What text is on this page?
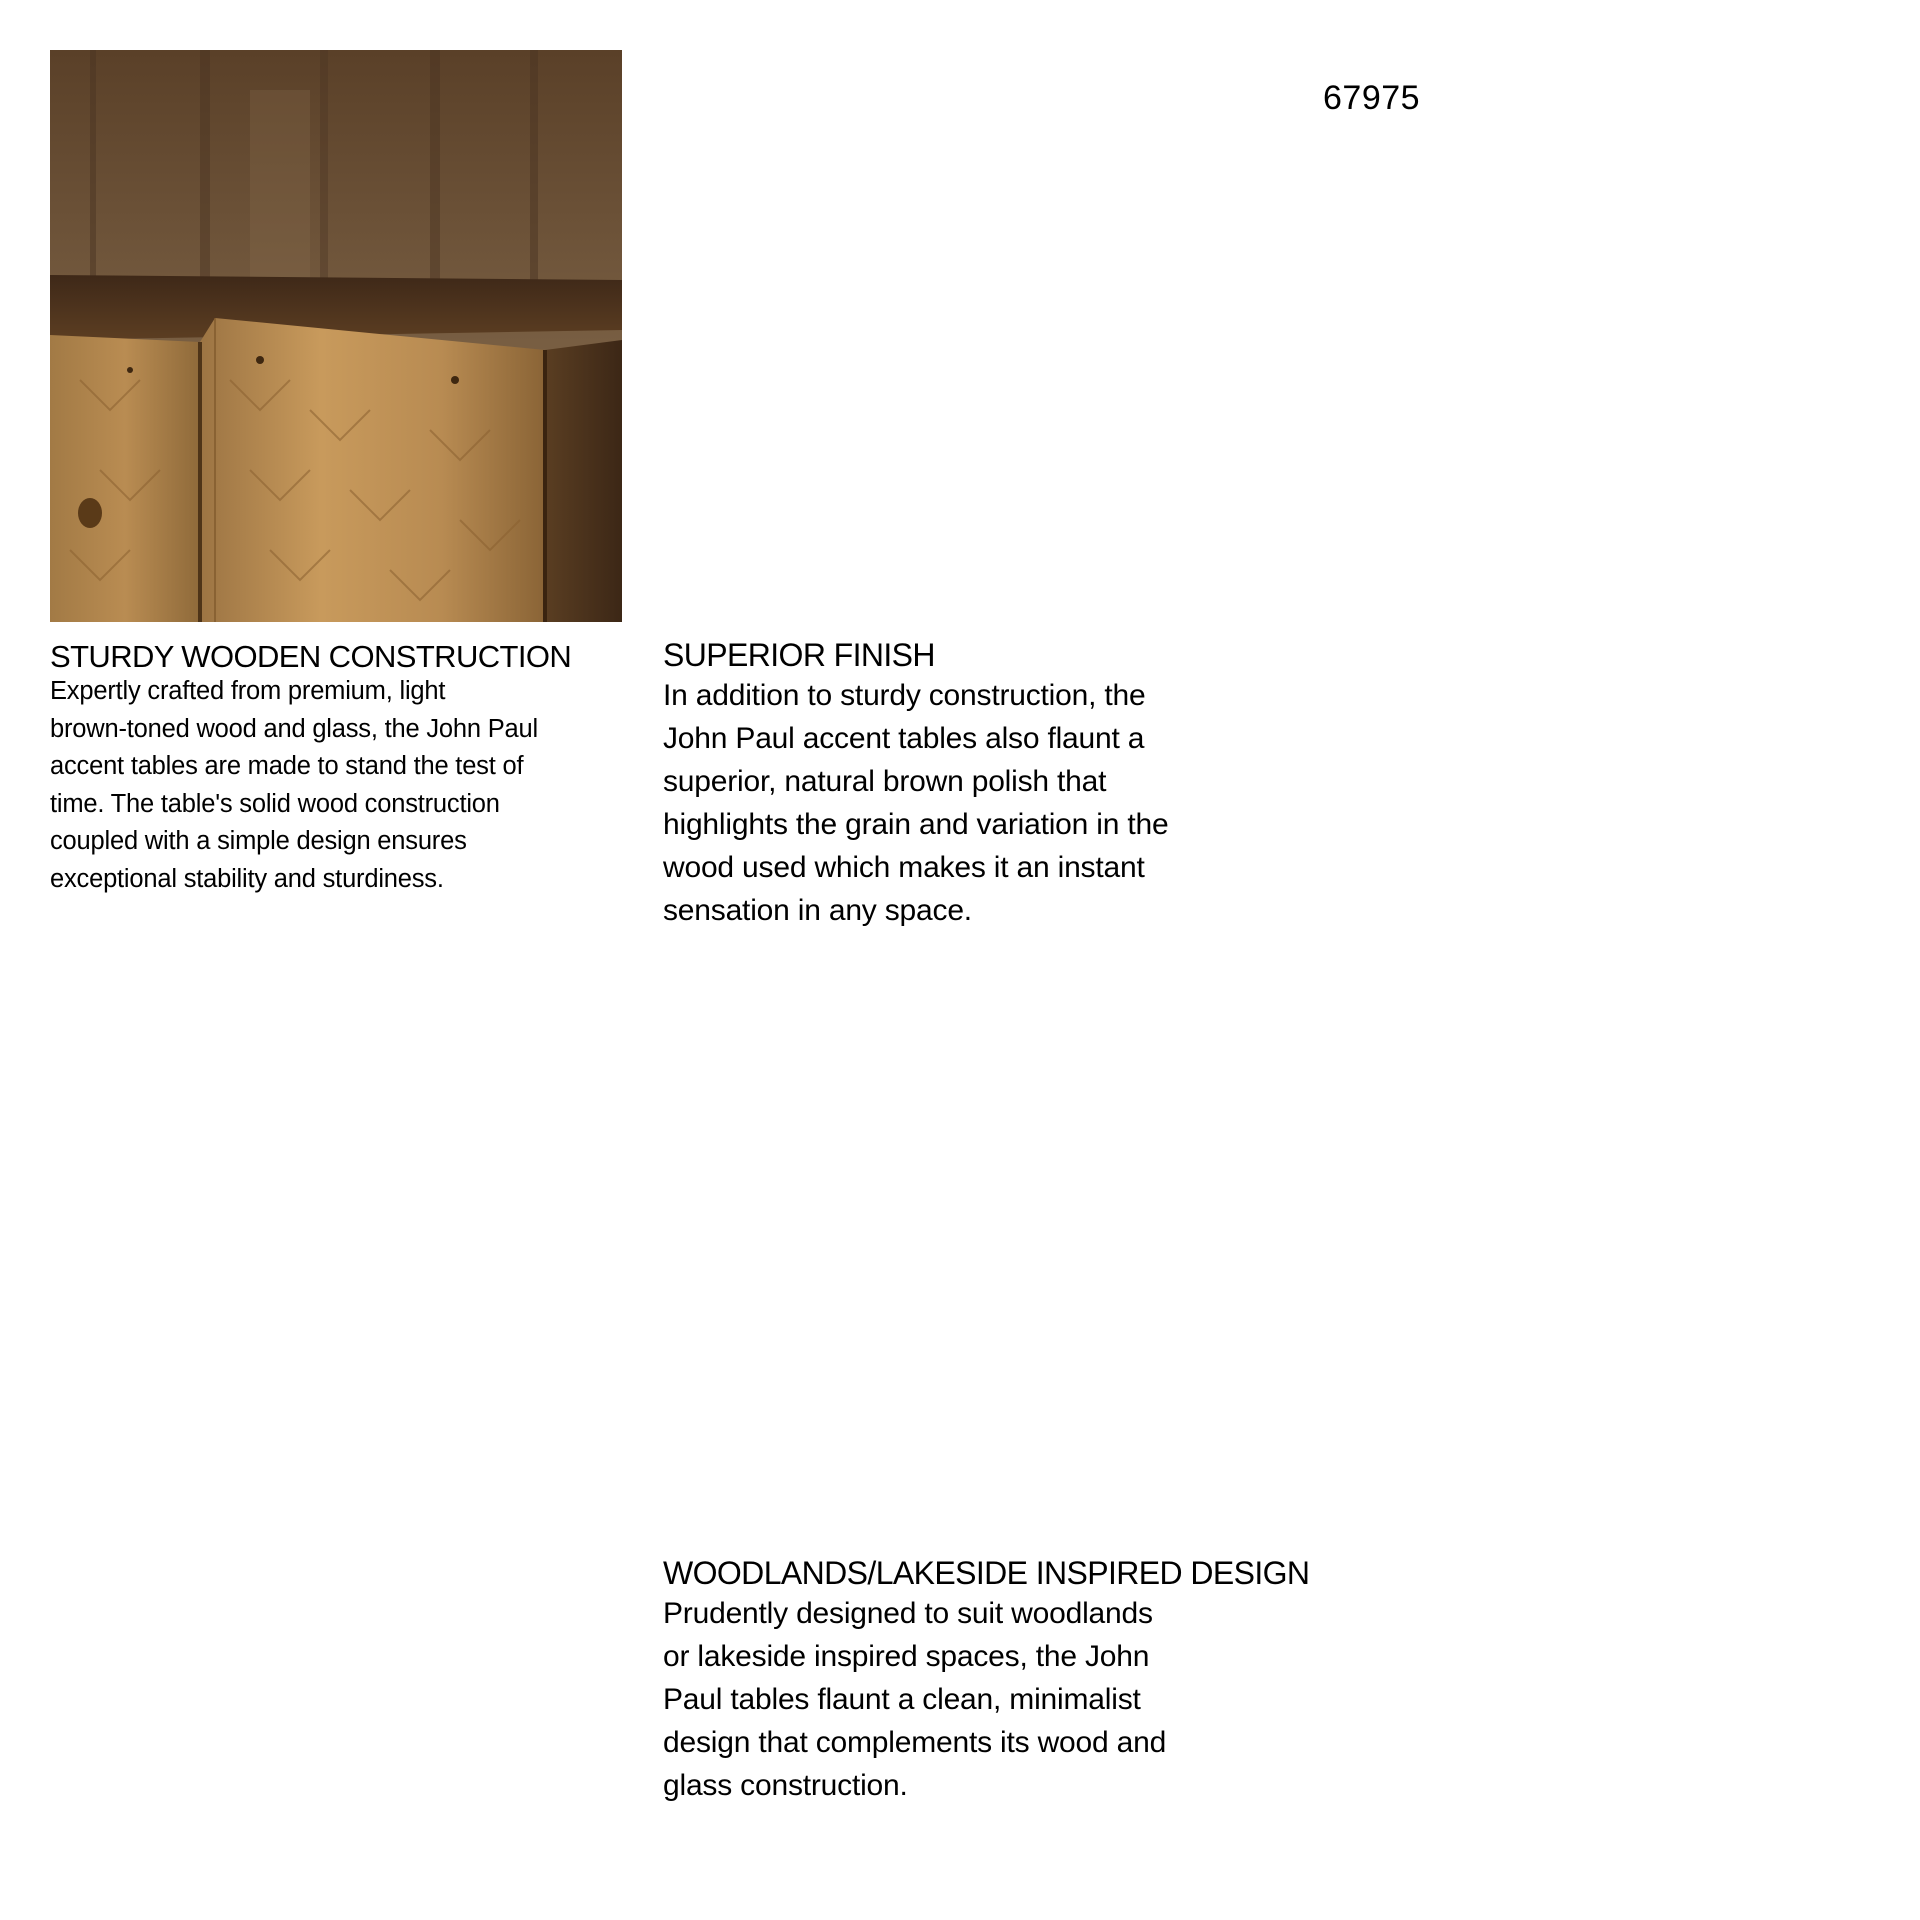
67975
STURDY WOODEN CONSTRUCTION

Expertly crafted from premium, light
brown-toned wood and glass, the John Paul
accent tables are made to stand the test of
time. The table's solid wood construction
coupled with a simple design ensures
exceptional stability and sturdiness.

SUPERIOR FINISH

In addition to sturdy construction, the
John Paul accent tables also flaunt a
superior, natural brown polish that
highlights the grain and variation in the
wood used which makes it an instant
sensation in any space.

WOODLANDS/LAKESIDE INSPIRED DESIGN

Prudently designed to suit woodlands
or lakeside inspired spaces, the John
Paul tables flaunt a clean, minimalist
design that complements its wood and
glass construction.
